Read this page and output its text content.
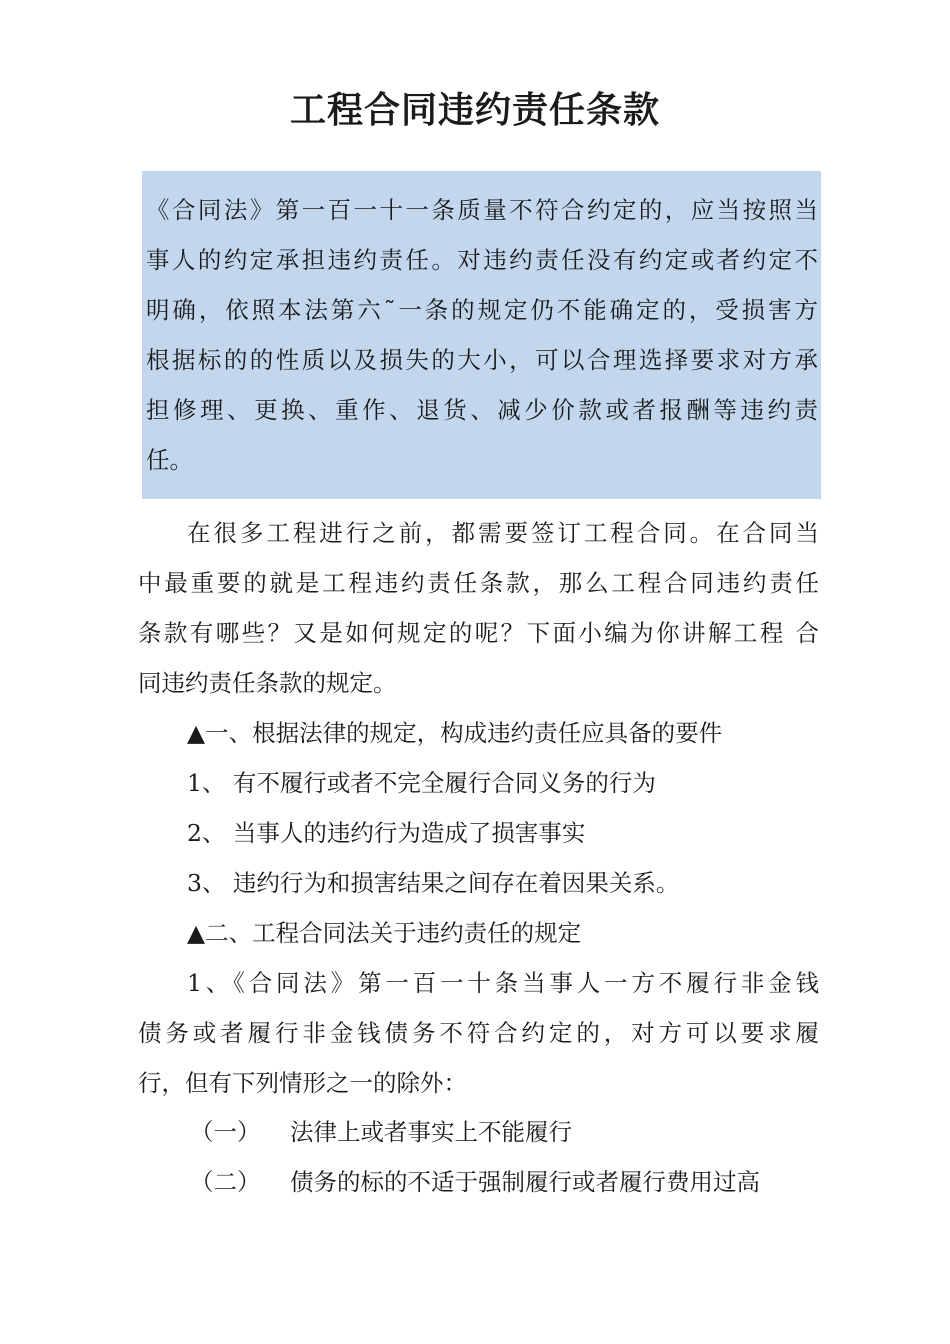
工程合同违约责任条款
《合同法》第一百一十一条质量不符合约定的，应当按照当
事人的约定承担违约责任。对违约责任没有约定或者约定不
明确，依照本法第六˜一条的规定仍不能确定的，受损害方
根据标的的性质以及损失的大小，可以合理选择要求对方承
担修理、更换、重作、退货、减少价款或者报酬等违约责
任。
在很多工程进行之前，都需要签订工程合同。在合同当
中最重要的就是工程违约责任条款，那么工程合同违约责任
条款有哪些？又是如何规定的呢？下面小编为你讲解工程 合
同违约责任条款的规定。
▲一、根据法律的规定，构成违约责任应具备的要件
1、 有不履行或者不完全履行合同义务的行为
2、 当事人的违约行为造成了损害事实
3、 违约行为和损害结果之间存在着因果关系。
▲二、工程合同法关于违约责任的规定
1、《合同法》第一百一十条当事人一方不履行非金钱
债务或者履行非金钱债务不符合约定的，对方可以要求履
行，但有下列情形之一的除外：
（一） 法律上或者事实上不能履行
（二） 债务的标的不适于强制履行或者履行费用过高
